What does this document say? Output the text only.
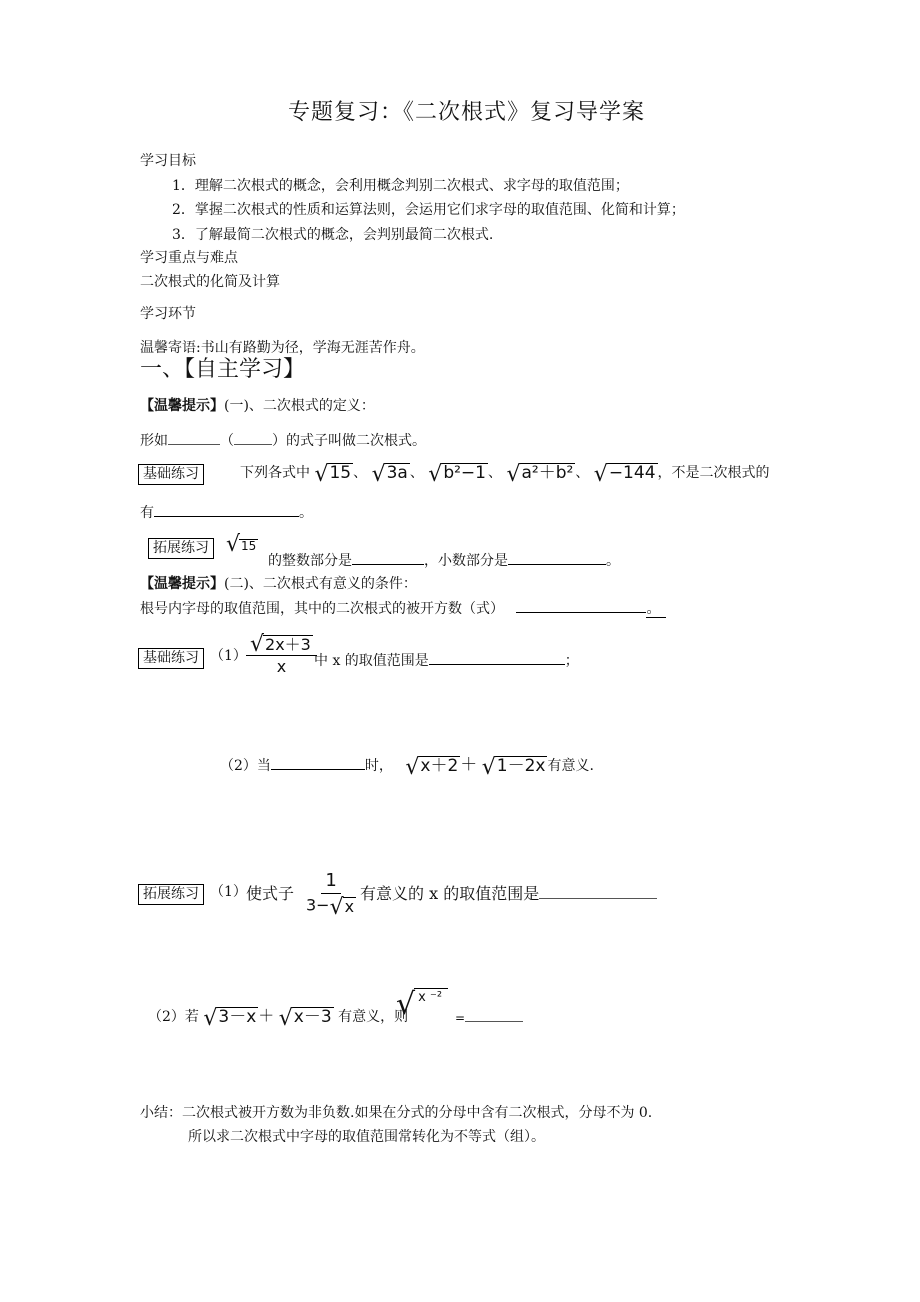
专题复习：《二次根式》复习导学案
学习目标
1．理解二次根式的概念，会利用概念判别二次根式、求字母的取值范围；
2．掌握二次根式的性质和运算法则，会运用它们求字母的取值范围、化简和计算；
3．了解最简二次根式的概念，会判别最简二次根式.
学习重点与难点
二次根式的化简及计算
学习环节
温馨寄语:书山有路勤为径，学海无涯苦作舟。
一、【自主学习】
【温馨提示】(一)、二次根式的定义：
形如	（	）的式子叫做二次根式。
基础练习	下列各式中 √ 15 、 √ 3a 、 √ b²−1 、 √ a²＋b² 、 √ −144 ，不是二次根式的
有	。
拓展练习 √ 15
的整数部分是	，小数部分是	。
【温馨提示】(二)、二次根式有意义的条件：
根号内字母的取值范围，其中的二次根式的被开方数（式）	。
基础练习 $(1) \frac{√ 2x+3}{x}$
中 x 的取值范围是	；
（2）当	时， √ x＋2 ＋ √ 1－2x 有意义.
拓展练习 （1） 使式子 $\frac{1}{3- √ x}$ 有意义的 x 的取值范围是
（2）若 √ 3－x ＋ √ x－3 有意义，则
√ x ⁻²
=
小结：二次根式被开方数为非负数.如果在分式的分母中含有二次根式，分母不为 0.
所以求二次根式中字母的取值范围常转化为不等式（组）。
